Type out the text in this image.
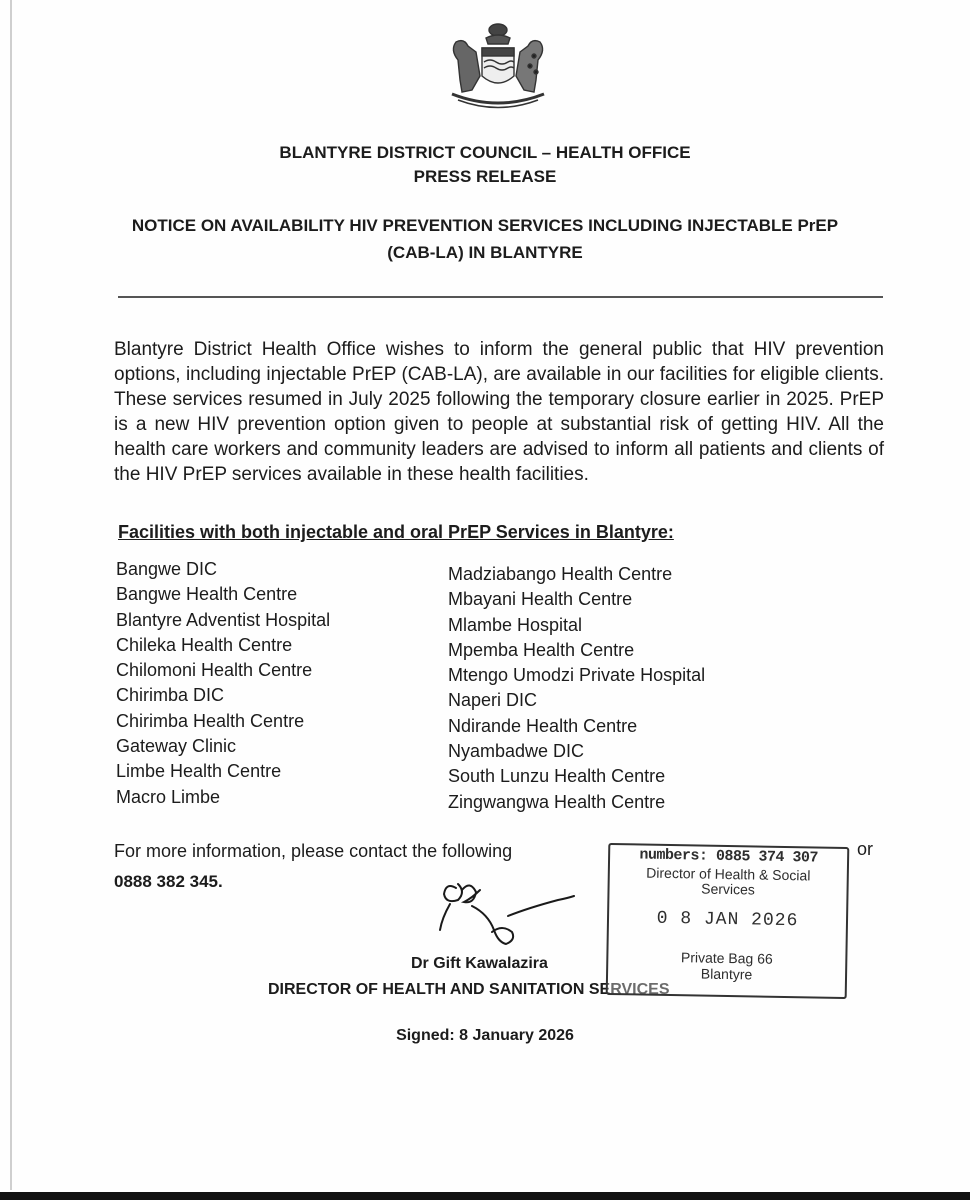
BLANTYRE DISTRICT COUNCIL – HEALTH OFFICE
PRESS RELEASE
NOTICE ON AVAILABILITY HIV PREVENTION SERVICES INCLUDING INJECTABLE PrEP
(CAB-LA) IN BLANTYRE

Blantyre District Health Office wishes to inform the general public that HIV prevention options, including injectable PrEP (CAB-LA), are available in our facilities for eligible clients. These services resumed in July 2025 following the temporary closure earlier in 2025. PrEP is a new HIV prevention option given to people at substantial risk of getting HIV. All the health care workers and community leaders are advised to inform all patients and clients of the HIV PrEP services available in these health facilities.

Facilities with both injectable and oral PrEP Services in Blantyre:
Bangwe DIC
Bangwe Health Centre
Blantyre Adventist Hospital
Chileka Health Centre
Chilomoni Health Centre
Chirimba DIC
Chirimba Health Centre
Gateway Clinic
Limbe Health Centre
Macro Limbe
Madziabango Health Centre
Mbayani Health Centre
Mlambe Hospital
Mpemba Health Centre
Mtengo Umodzi Private Hospital
Naperi DIC
Ndirande Health Centre
Nyambadwe DIC
South Lunzu Health Centre
Zingwangwa Health Centre
For more information, please contact the following	or
0888 382 345.
Dr Gift Kawalazira
DIRECTOR OF HEALTH AND SANITATION SERVICES
Signed: 8 January 2026
numbers: 0885 374 307
Director of Health & Social
Services
0 8 JAN 2026
Private Bag 66
Blantyre
